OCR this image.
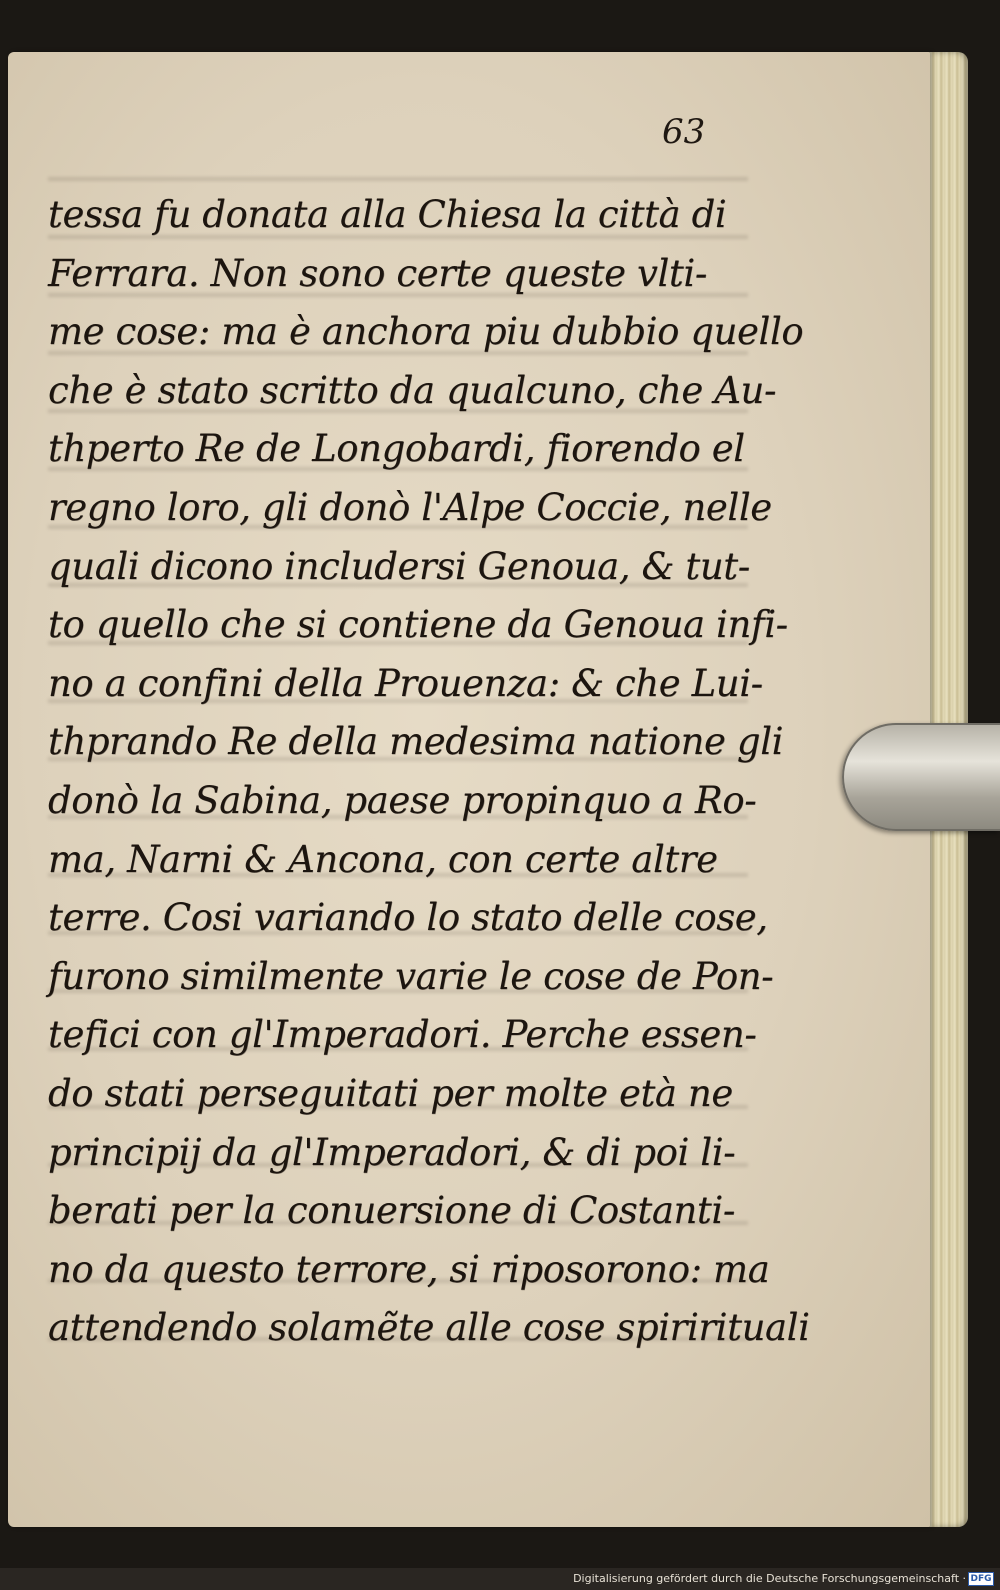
63
tessa fu donata alla Chiesa la città di
Ferrara. Non sono certe queste vlti-
me cose: ma è anchora piu dubbio quello
che è stato scritto da qualcuno, che Au-
thperto Re de Longobardi, fiorendo el
regno loro, gli donò l'Alpe Coccie, nelle
quali dicono includersi Genoua, & tut-
to quello che si contiene da Genoua infi-
no a confini della Prouenza: & che Lui-
thprando Re della medesima natione gli
donò la Sabina, paese propinquo a Ro-
ma, Narni & Ancona, con certe altre
terre. Cosi variando lo stato delle cose,
furono similmente varie le cose de Pon-
tefici con gl'Imperadori. Perche essen-
do stati perseguitati per molte età ne
principij da gl'Imperadori, & di poi li-
berati per la conuersione di Costanti-
no da questo terrore, si riposorono: ma
attendendo solamẽte alle cose spirirituali
Digitalisierung gefördert durch die Deutsche Forschungsgemeinschaft · DFG
